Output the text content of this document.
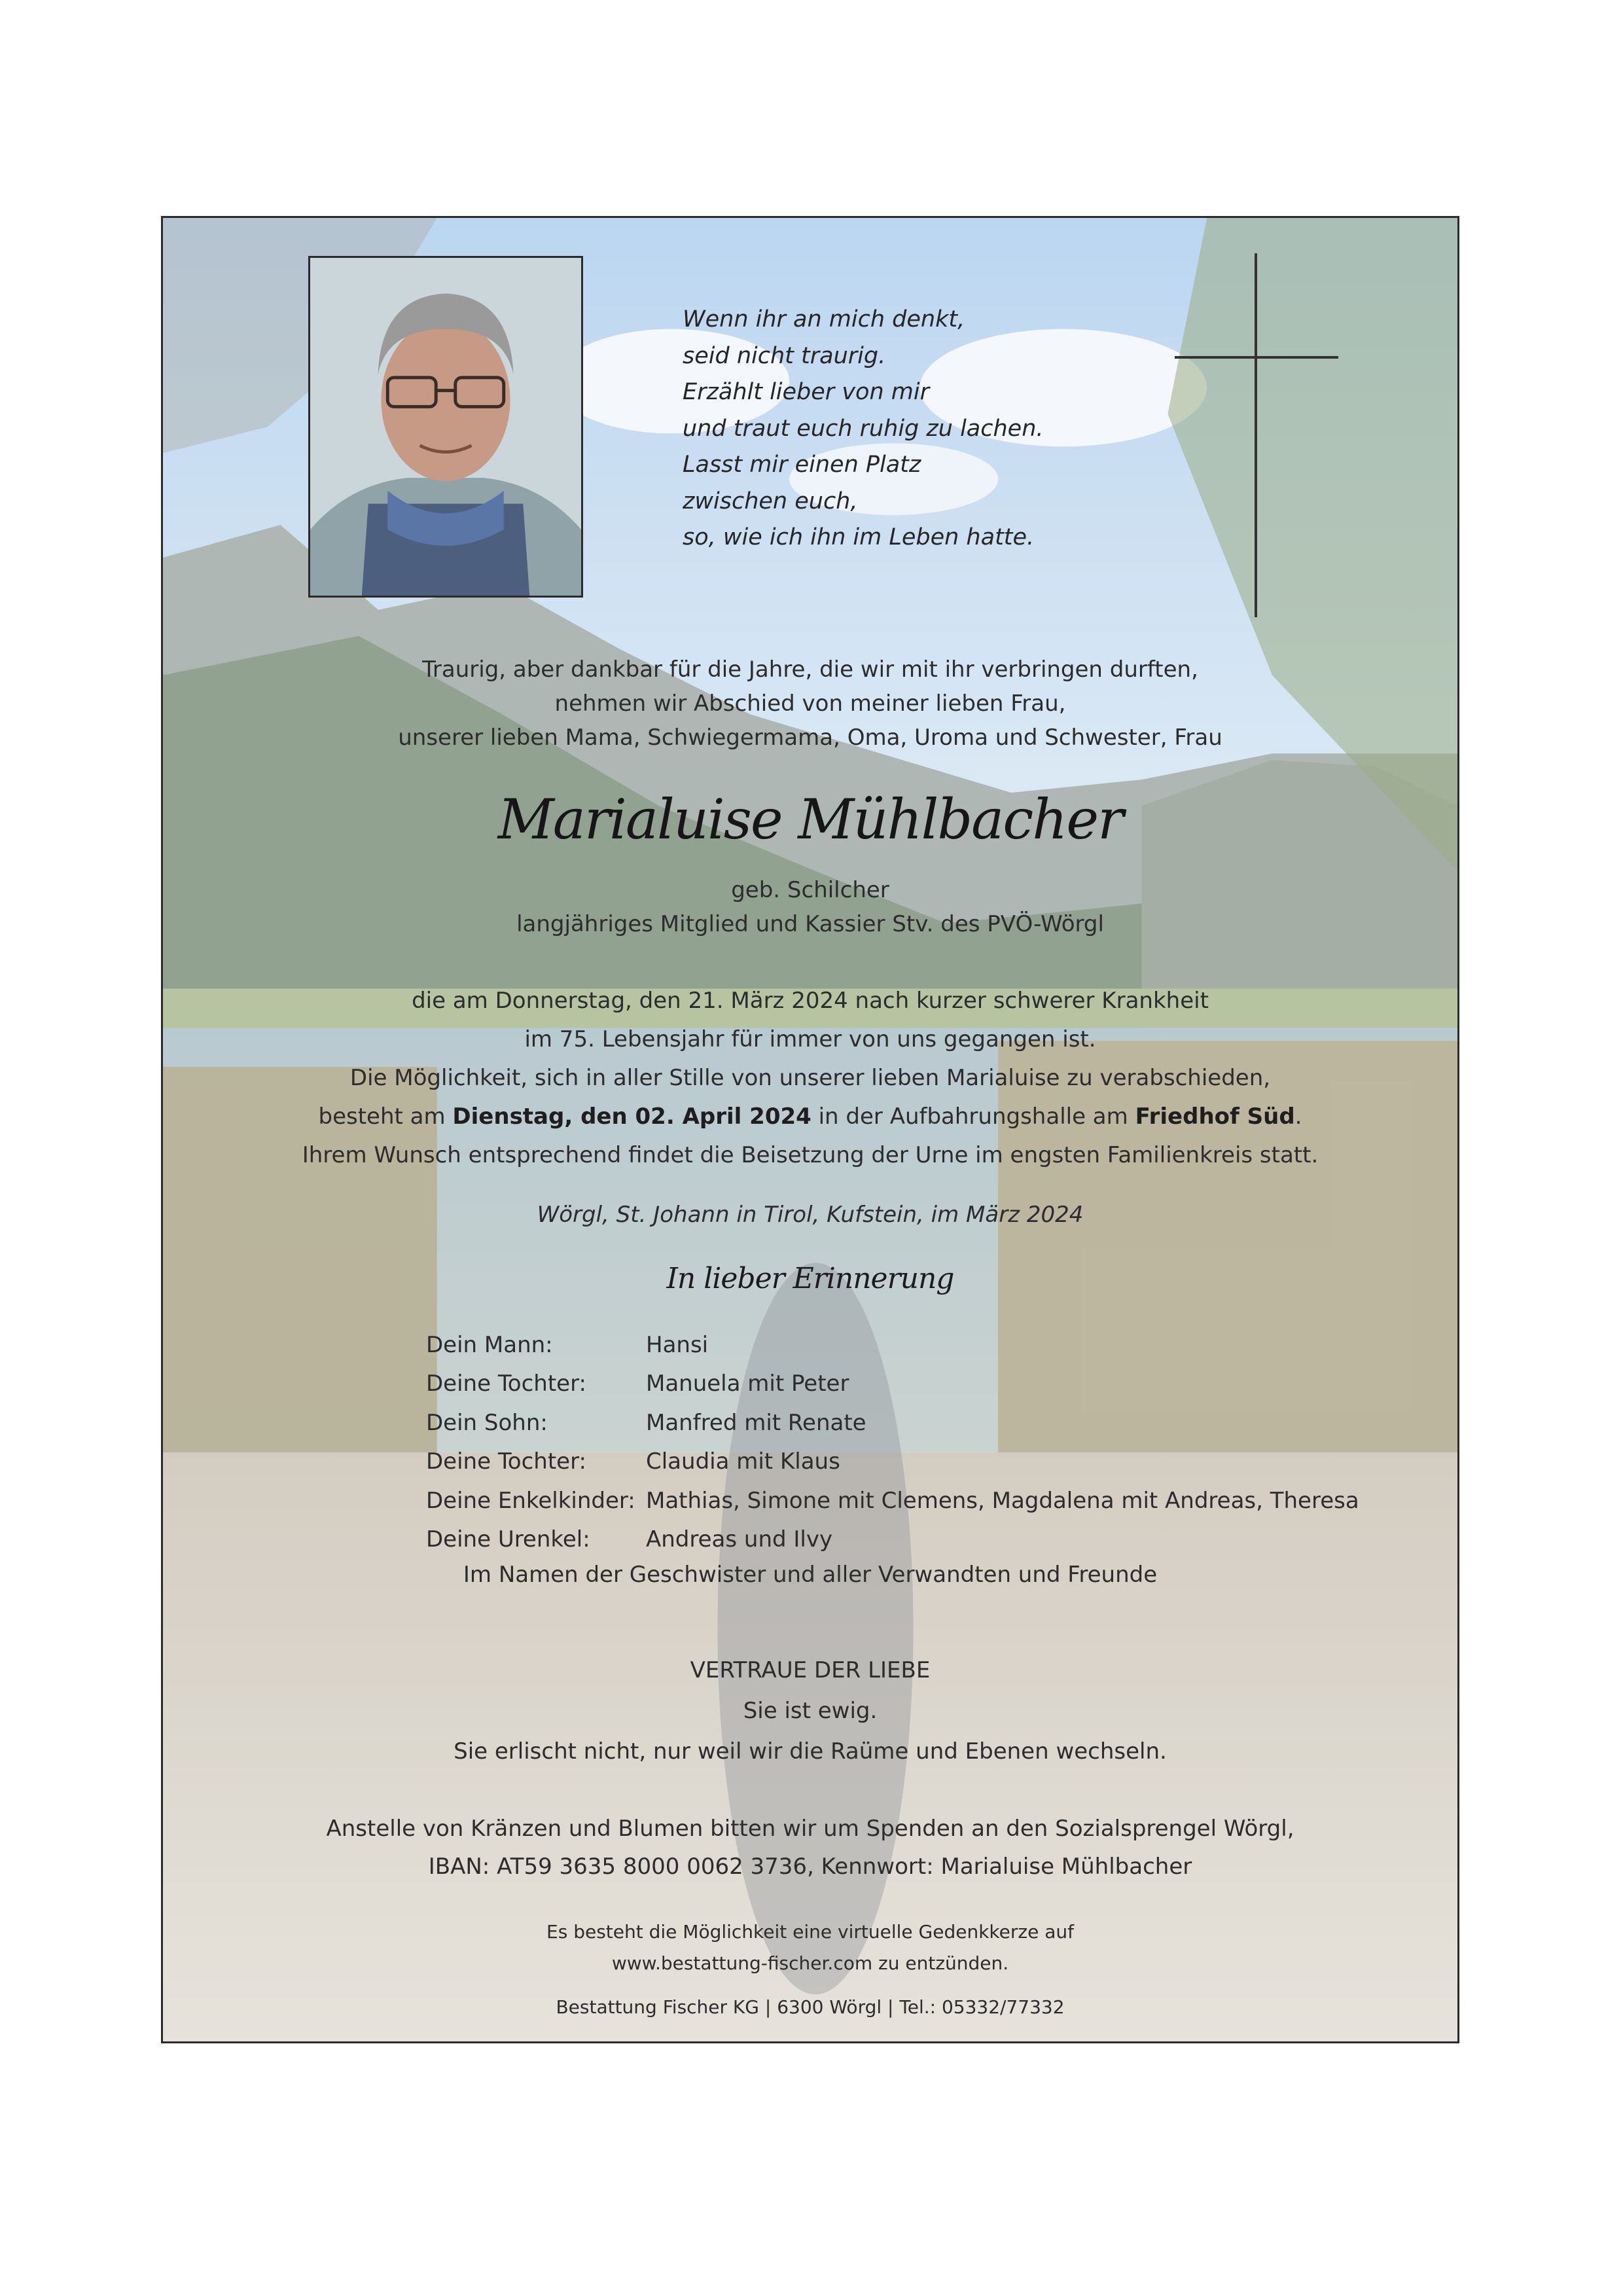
Wenn ihr an mich denkt,
seid nicht traurig.
Erzählt lieber von mir
und traut euch ruhig zu lachen.
Lasst mir einen Platz
zwischen euch,
so, wie ich ihn im Leben hatte.
Traurig, aber dankbar für die Jahre, die wir mit ihr verbringen durften,
nehmen wir Abschied von meiner lieben Frau,
unserer lieben Mama, Schwiegermama, Oma, Uroma und Schwester, Frau
Marialuise Mühlbacher
geb. Schilcher
langjähriges Mitglied und Kassier Stv. des PVÖ-Wörgl
die am Donnerstag, den 21. März 2024 nach kurzer schwerer Krankheit
im 75. Lebensjahr für immer von uns gegangen ist.
Die Möglichkeit, sich in aller Stille von unserer lieben Marialuise zu verabschieden,
besteht am Dienstag, den 02. April 2024 in der Aufbahrungshalle am Friedhof Süd.
Ihrem Wunsch entsprechend findet die Beisetzung der Urne im engsten Familienkreis statt.
Wörgl, St. Johann in Tirol, Kufstein, im März 2024
In lieber Erinnerung
Dein Mann:	Hansi
Deine Tochter:	Manuela mit Peter
Dein Sohn:	Manfred mit Renate
Deine Tochter:	Claudia mit Klaus
Deine Enkelkinder: Mathias, Simone mit Clemens, Magdalena mit Andreas, Theresa
Deine Urenkel:	Andreas und Ilvy
Im Namen der Geschwister und aller Verwandten und Freunde
VERTRAUE DER LIEBE
Sie ist ewig.
Sie erlischt nicht, nur weil wir die Raüme und Ebenen wechseln.
Anstelle von Kränzen und Blumen bitten wir um Spenden an den Sozialsprengel Wörgl,
IBAN: AT59 3635 8000 0062 3736, Kennwort: Marialuise Mühlbacher
Es besteht die Möglichkeit eine virtuelle Gedenkkerze auf
www.bestattung-fischer.com zu entzünden.
Bestattung Fischer KG | 6300 Wörgl | Tel.: 05332/77332
